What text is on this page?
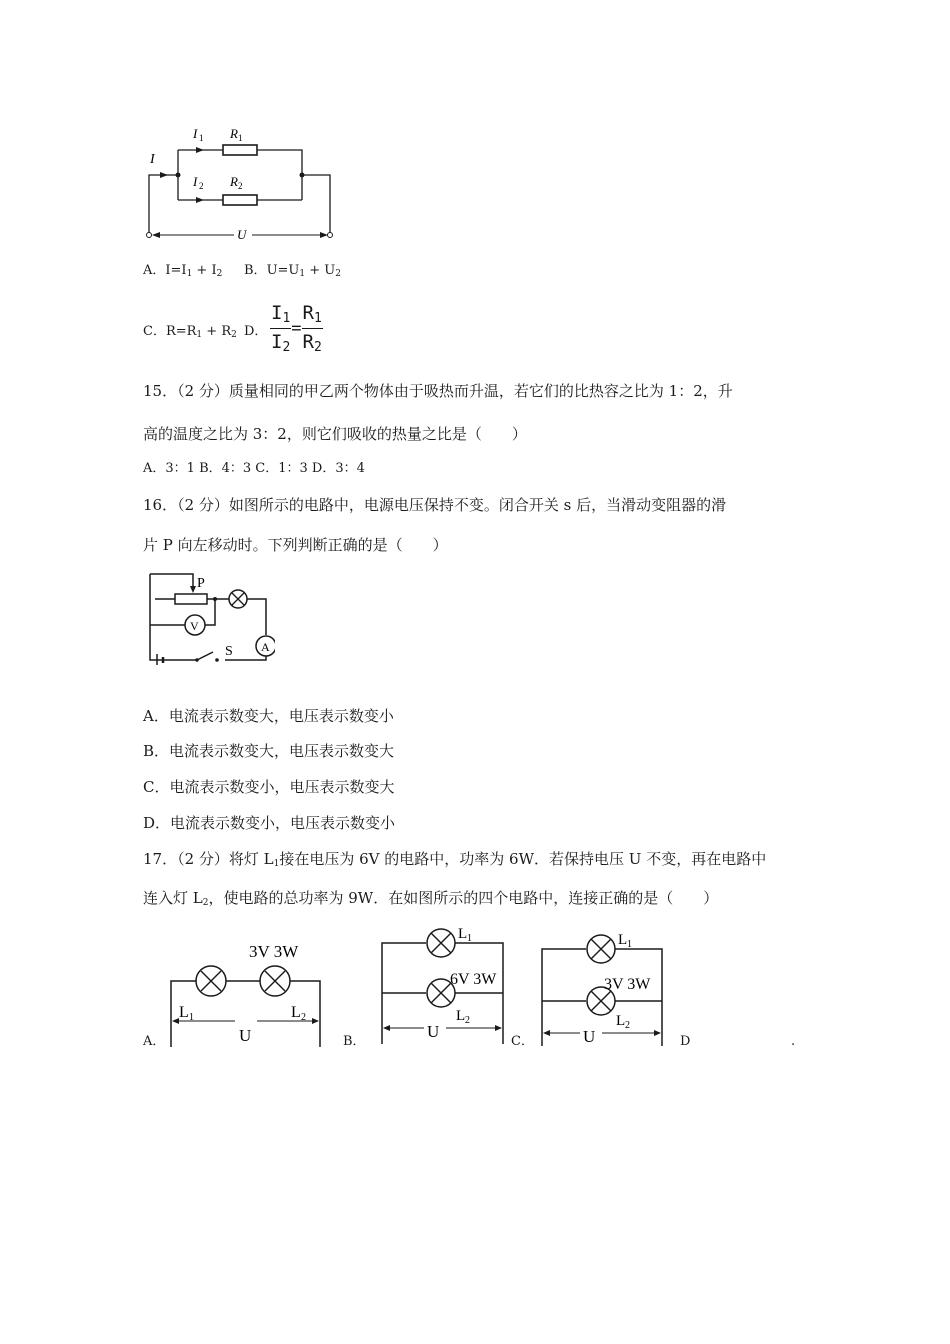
I
I 1 R 1
I 2 R 2
U
A．$I=I_1 + I_2$ B．$U=U_1 + U_2$
C．$R=R_1 + R_2$ D． $\frac{I_1}{I_2} = \frac{R_1}{R_2}$
15．（2 分）质量相同的甲乙两个物体由于吸热而升温，若它们的比热容之比为 1：2，升
高的温度之比为 3：2，则它们吸收的热量之比是（　　）
A．3：1 B．4：3 C．1：3 D．3：4
16．（2 分）如图所示的电路中，电源电压保持不变。闭合开关 s 后，当滑动变阻器的滑
片 P 向左移动时。下列判断正确的是（　　）
V
A
P
S
A．电流表示数变大，电压表示数变小
B．电流表示数变大，电压表示数变大
C．电流表示数变小，电压表示数变大
D．电流表示数变小，电压表示数变小
17．（2 分）将灯 $L_1$接在电压为 6V 的电路中，功率为 6W．若保持电压 U 不变，再在电路中
连入灯 $L_2$，使电路的总功率为 9W．在如图所示的四个电路中，连接正确的是（　　）
3V 3W
L 1
U
L 2
L 1
6V 3W
L 2
U
L 1
3V 3W
L 2
U
A．	B．	C．	D	.
